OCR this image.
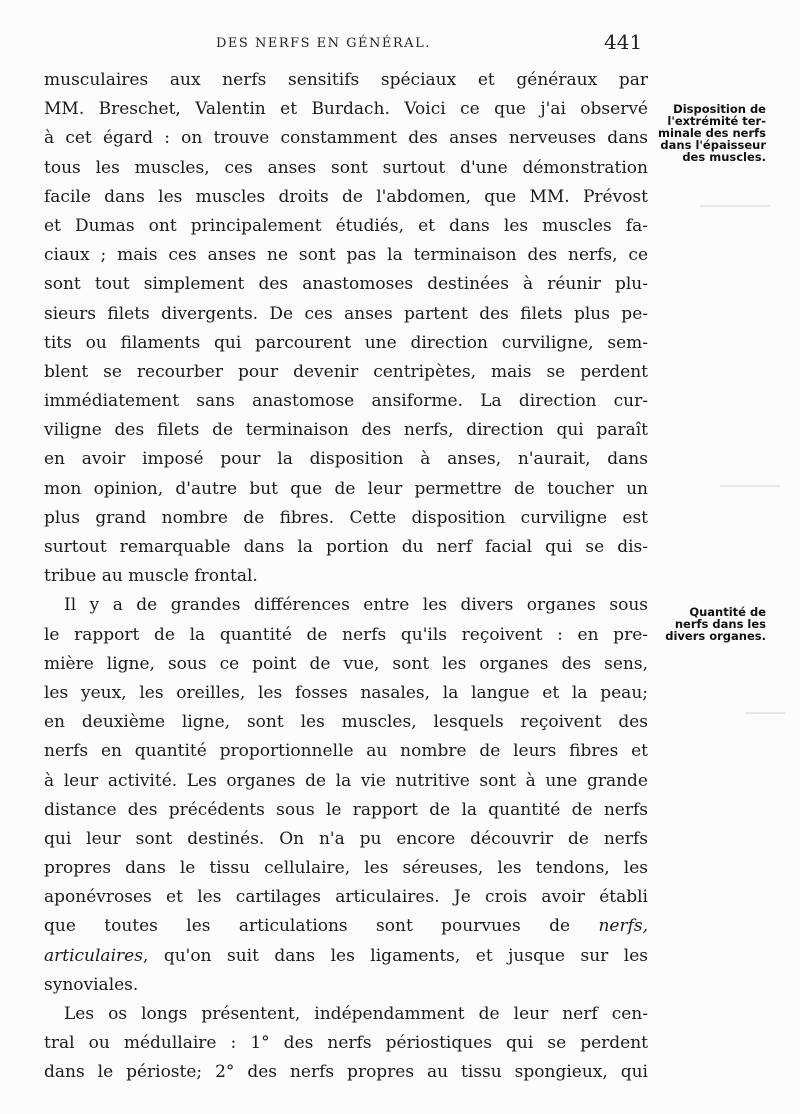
DES NERFS EN GÉNÉRAL.	441
musculaires aux nerfs sensitifs spéciaux et généraux par
MM. Breschet, Valentin et Burdach. Voici ce que j'ai observé
à cet égard : on trouve constamment des anses nerveuses dans
tous les muscles, ces anses sont surtout d'une démonstration
facile dans les muscles droits de l'abdomen, que MM. Prévost
et Dumas ont principalement étudiés, et dans les muscles fa-
ciaux ; mais ces anses ne sont pas la terminaison des nerfs, ce
sont tout simplement des anastomoses destinées à réunir plu-
sieurs filets divergents. De ces anses partent des filets plus pe-
tits ou filaments qui parcourent une direction curviligne, sem-
blent se recourber pour devenir centripètes, mais se perdent
immédiatement sans anastomose ansiforme. La direction cur-
viligne des filets de terminaison des nerfs, direction qui paraît
en avoir imposé pour la disposition à anses, n'aurait, dans
mon opinion, d'autre but que de leur permettre de toucher un
plus grand nombre de fibres. Cette disposition curviligne est
surtout remarquable dans la portion du nerf facial qui se dis-
tribue au muscle frontal.
Il y a de grandes différences entre les divers organes sous
le rapport de la quantité de nerfs qu'ils reçoivent : en pre-
mière ligne, sous ce point de vue, sont les organes des sens,
les yeux, les oreilles, les fosses nasales, la langue et la peau;
en deuxième ligne, sont les muscles, lesquels reçoivent des
nerfs en quantité proportionnelle au nombre de leurs fibres et
à leur activité. Les organes de la vie nutritive sont à une grande
distance des précédents sous le rapport de la quantité de nerfs
qui leur sont destinés. On n'a pu encore découvrir de nerfs
propres dans le tissu cellulaire, les séreuses, les tendons, les
aponévroses et les cartilages articulaires. Je crois avoir établi
que toutes les articulations sont pourvues de nerfs,
articulaires, qu'on suit dans les ligaments, et jusque sur les
synoviales.
Les os longs présentent, indépendamment de leur nerf cen-
tral ou médullaire : 1° des nerfs périostiques qui se perdent
dans le périoste; 2° des nerfs propres au tissu spongieux, qui
Disposition de
l'extrémité ter-
minale des nerfs
dans l'épaisseur
des muscles.
Quantité de
nerfs dans les
divers organes.
